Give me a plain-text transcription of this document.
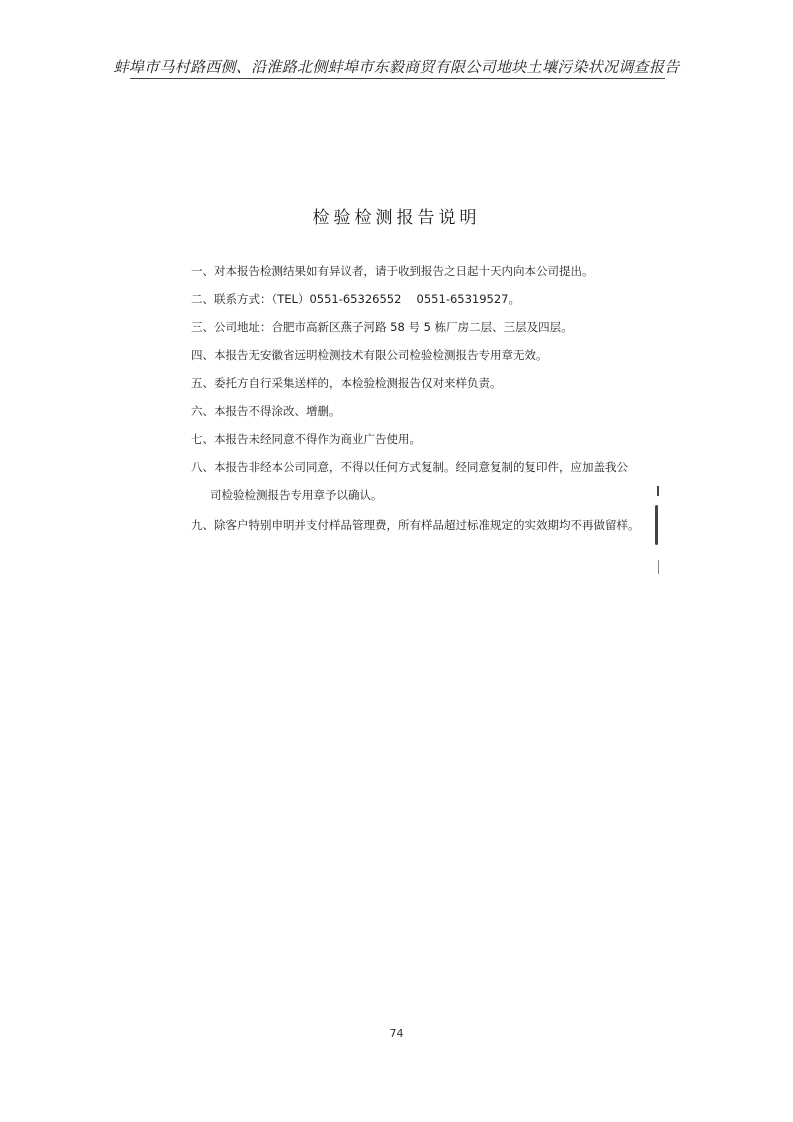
蚌埠市马村路西侧、沿淮路北侧蚌埠市东毅商贸有限公司地块土壤污染状况调查报告
检验检测报告说明
一、对本报告检测结果如有异议者，请于收到报告之日起十天内向本公司提出。
二、联系方式：（TEL）0551-65326552　 0551-65319527。
三、公司地址：合肥市高新区燕子河路 58 号 5 栋厂房二层、三层及四层。
四、本报告无安徽省远明检测技术有限公司检验检测报告专用章无效。
五、委托方自行采集送样的，本检验检测报告仅对来样负责。
六、本报告不得涂改、增删。
七、本报告未经同意不得作为商业广告使用。
八、本报告非经本公司同意，不得以任何方式复制。经同意复制的复印件，应加盖我公
司检验检测报告专用章予以确认。
九、除客户特别申明并支付样品管理费，所有样品超过标准规定的实效期均不再做留样。
74
